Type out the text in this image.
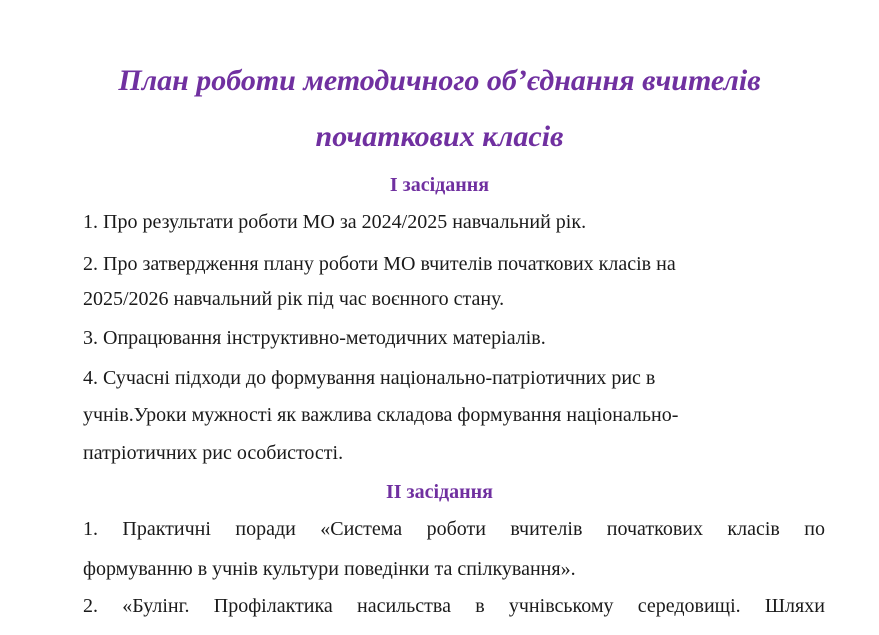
План роботи методичного об’єднання вчителів
початкових класів
І засідання

1. Про результати роботи МО за 2024/2025 навчальний рік.

2. Про затвердження плану роботи МО вчителів початкових класів на

2025/2026 навчальний рік під час воєнного стану.

3. Опрацювання інструктивно-методичних матеріалів.

4. Сучасні підходи до формування національно-патріотичних рис в

учнів.Уроки мужності як важлива складова формування національно-

патріотичних рис особистості.

ІІ засідання

1. Практичні поради «Система роботи вчителів початкових класів по

формуванню в учнів культури поведінки та спілкування».

2. «Булінг. Профілактика насильства в учнівському середовищі. Шляхи
